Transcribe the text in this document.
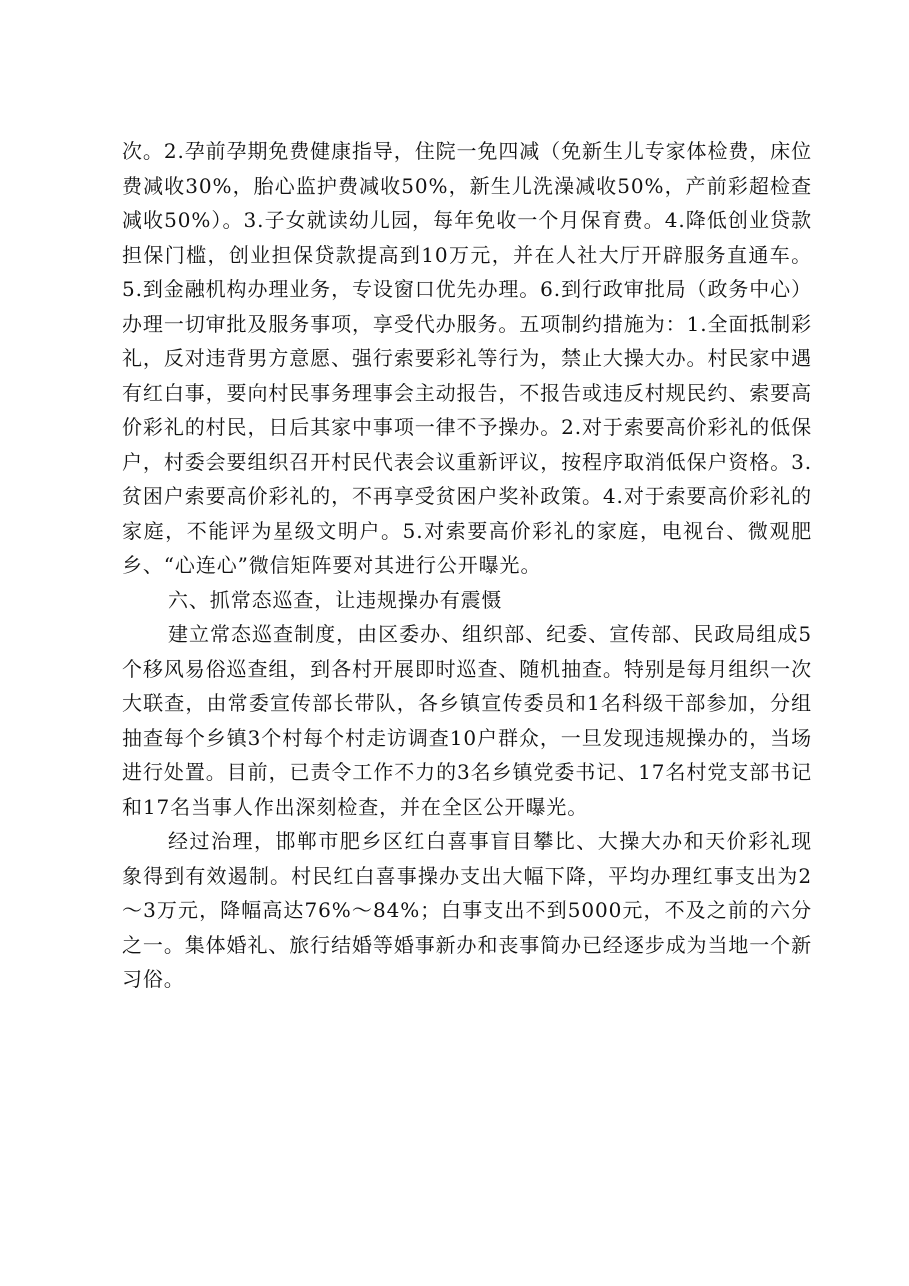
次。2.孕前孕期免费健康指导，住院一免四减（免新生儿专家体检费，床位费减收30%，胎心监护费减收50%，新生儿洗澡减收50%，产前彩超检查减收50%）。3.子女就读幼儿园，每年免收一个月保育费。4.降低创业贷款担保门槛，创业担保贷款提高到10万元，并在人社大厅开辟服务直通车。5.到金融机构办理业务，专设窗口优先办理。6.到行政审批局（政务中心）办理一切审批及服务事项，享受代办服务。五项制约措施为：1.全面抵制彩礼，反对违背男方意愿、强行索要彩礼等行为，禁止大操大办。村民家中遇有红白事，要向村民事务理事会主动报告，不报告或违反村规民约、索要高价彩礼的村民，日后其家中事项一律不予操办。2.对于索要高价彩礼的低保户，村委会要组织召开村民代表会议重新评议，按程序取消低保户资格。3.贫困户索要高价彩礼的，不再享受贫困户奖补政策。4.对于索要高价彩礼的家庭，不能评为星级文明户。5.对索要高价彩礼的家庭，电视台、微观肥乡、“心连心”微信矩阵要对其进行公开曝光。

六、抓常态巡查，让违规操办有震慑

建立常态巡查制度，由区委办、组织部、纪委、宣传部、民政局组成5个移风易俗巡查组，到各村开展即时巡查、随机抽查。特别是每月组织一次大联查，由常委宣传部长带队，各乡镇宣传委员和1名科级干部参加，分组抽查每个乡镇3个村每个村走访调查10户群众，一旦发现违规操办的，当场进行处置。目前，已责令工作不力的3名乡镇党委书记、17名村党支部书记和17名当事人作出深刻检查，并在全区公开曝光。

经过治理，邯郸市肥乡区红白喜事盲目攀比、大操大办和天价彩礼现象得到有效遏制。村民红白喜事操办支出大幅下降，平均办理红事支出为2～3万元，降幅高达76%～84%；白事支出不到5000元，不及之前的六分之一。集体婚礼、旅行结婚等婚事新办和丧事简办已经逐步成为当地一个新习俗。
